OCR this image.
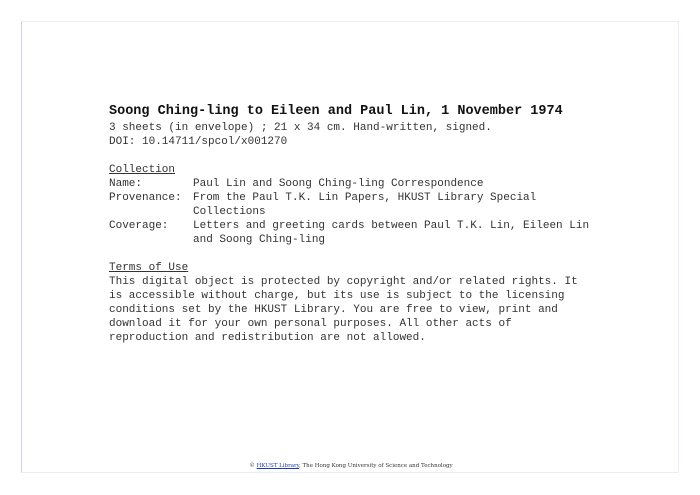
Soong Ching-ling to Eileen and Paul Lin, 1 November 1974
3 sheets (in envelope) ; 21 x 34 cm. Hand-written, signed.
DOI: 10.14711/spcol/x001270
Collection
Name:	Paul Lin and Soong Ching-ling Correspondence
Provenance:	From the Paul T.K. Lin Papers, HKUST Library Special Collections
Coverage:	Letters and greeting cards between Paul T.K. Lin, Eileen Lin and Soong Ching-ling
Terms of Use

This digital object is protected by copyright and/or related rights. It is accessible without charge, but its use is subject to the licensing conditions set by the HKUST Library. You are free to view, print and download it for your own personal purposes. All other acts of reproduction and redistribution are not allowed.

© HKUST Library, The Hong Kong University of Science and Technology
